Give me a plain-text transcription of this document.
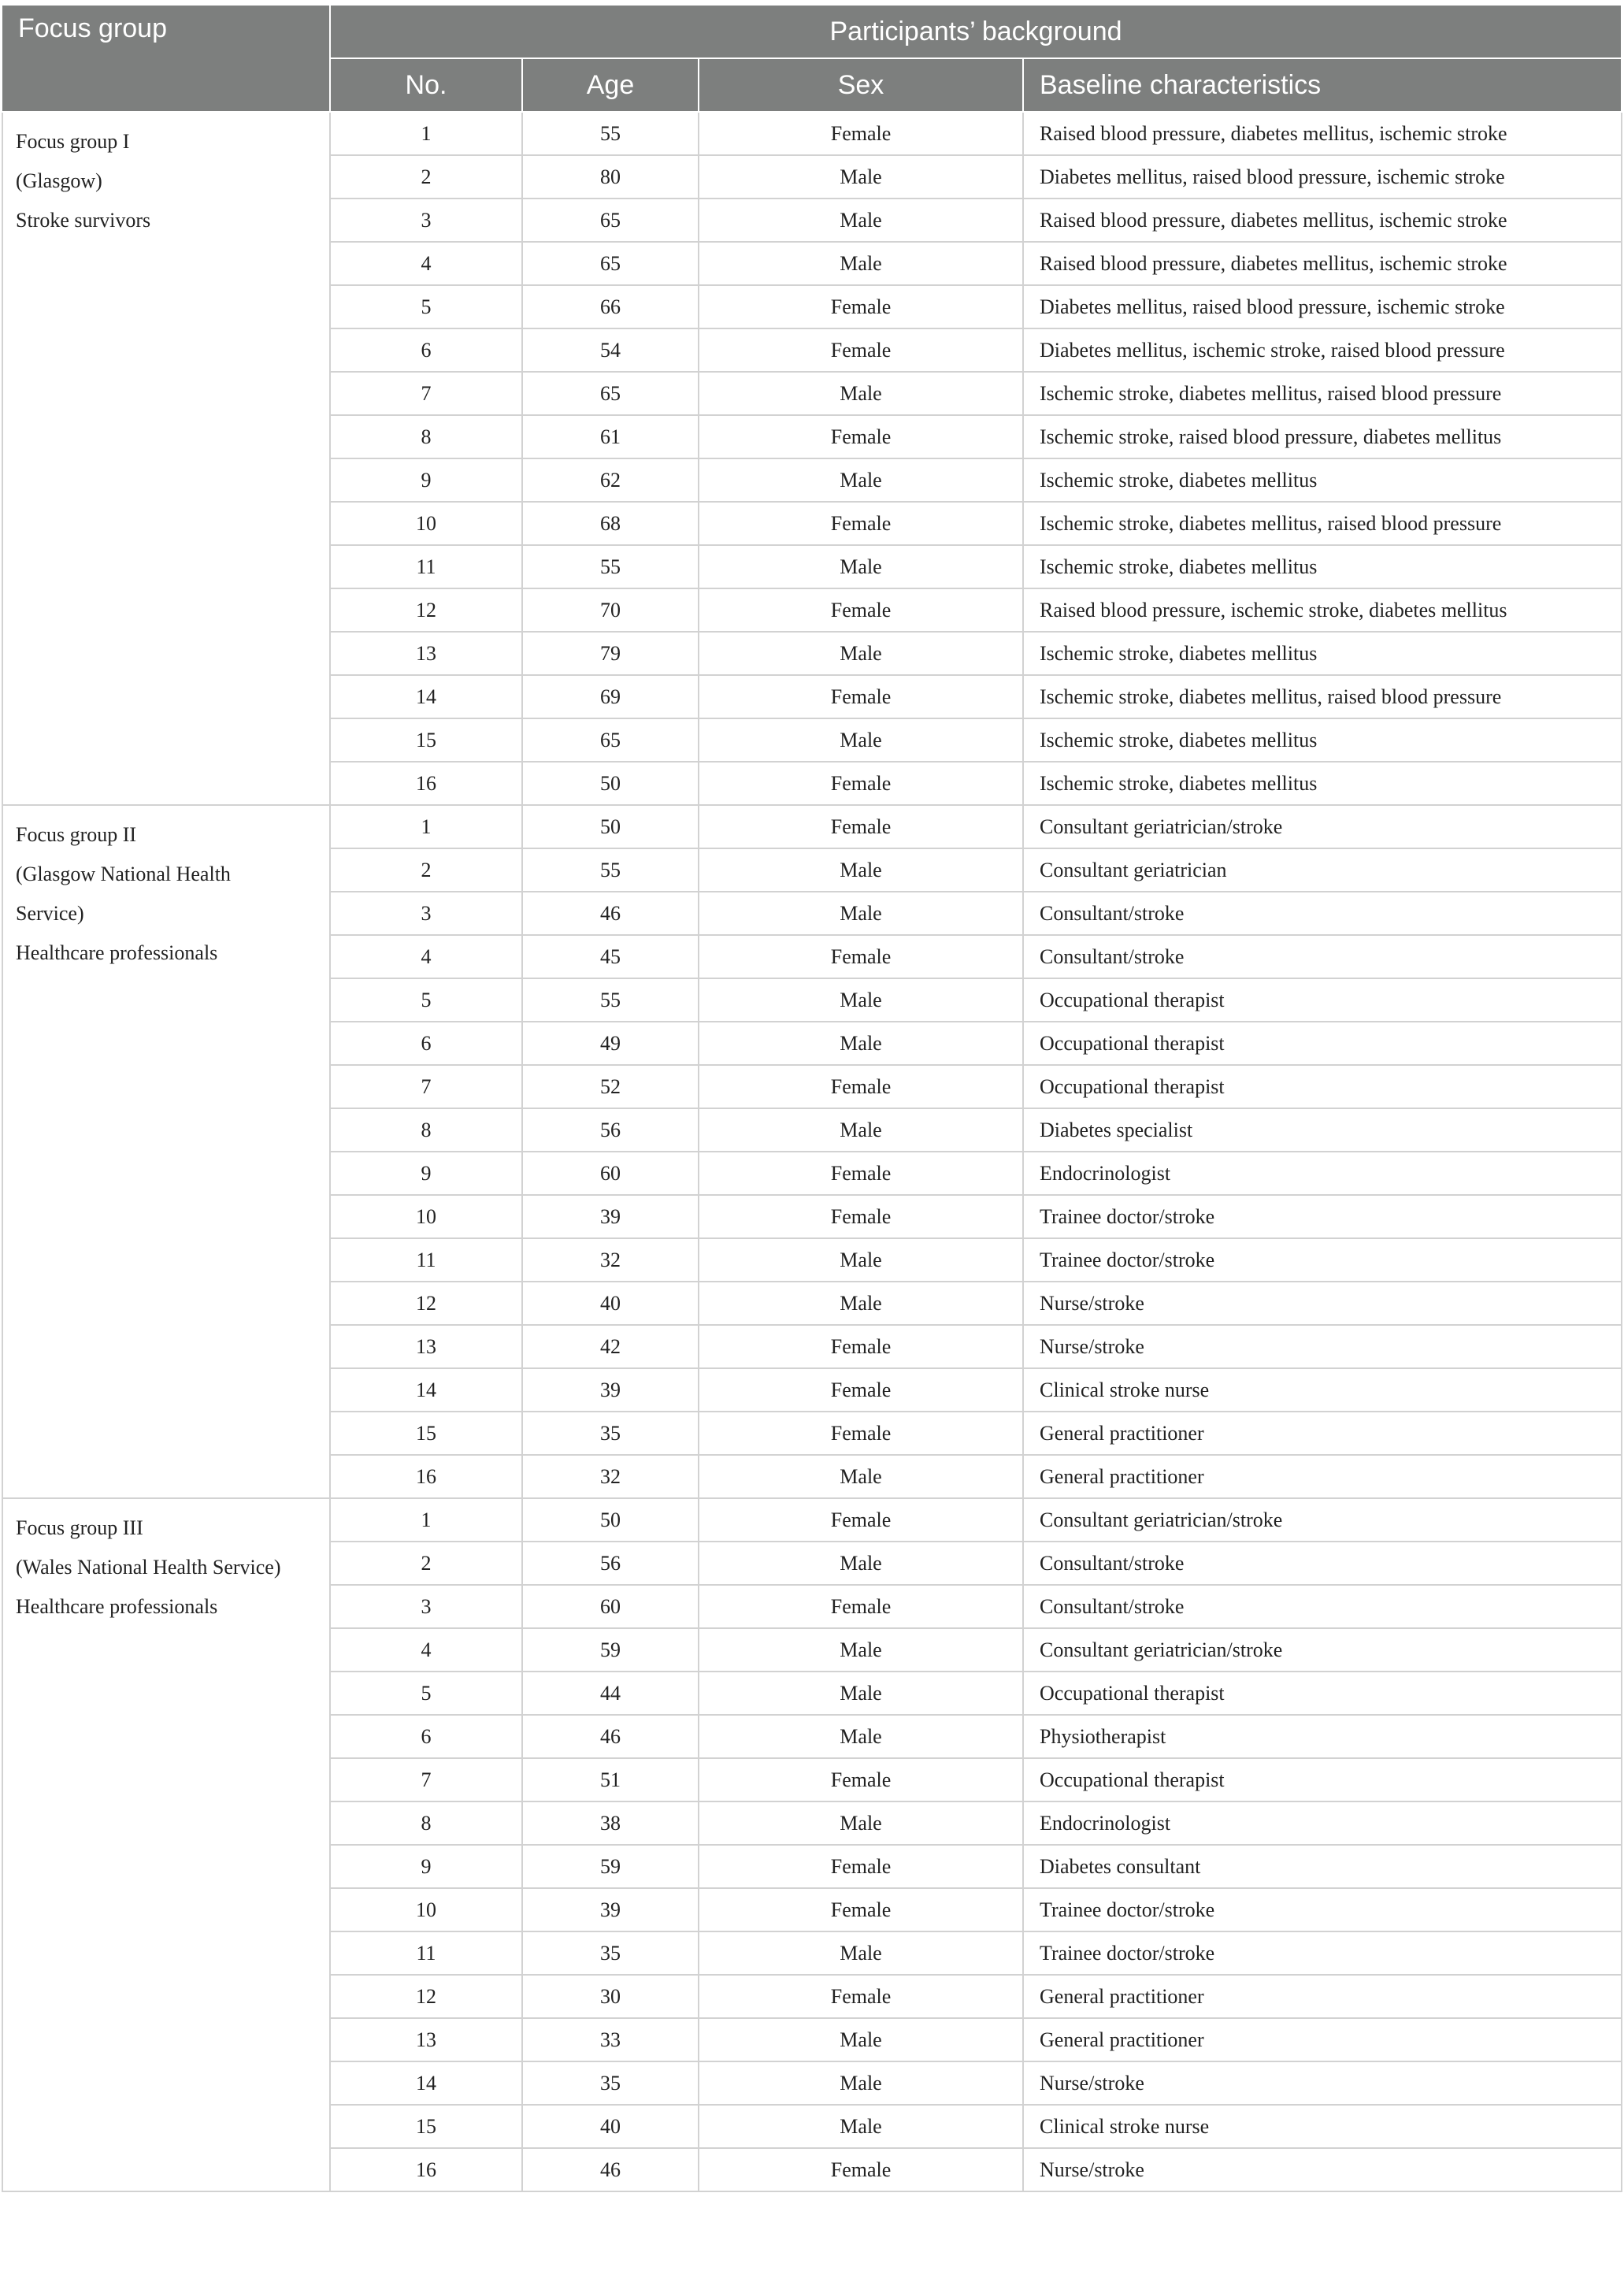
Focus group	Participants’ background			
	No.	Age	Sex	Baseline characteristics

Focus group I
(Glasgow)
Stroke survivors	1	55	Female	Raised blood pressure, diabetes mellitus, ischemic stroke
	2	80	Male	Diabetes mellitus, raised blood pressure, ischemic stroke
	3	65	Male	Raised blood pressure, diabetes mellitus, ischemic stroke
	4	65	Male	Raised blood pressure, diabetes mellitus, ischemic stroke
	5	66	Female	Diabetes mellitus, raised blood pressure, ischemic stroke
	6	54	Female	Diabetes mellitus, ischemic stroke, raised blood pressure
	7	65	Male	Ischemic stroke, diabetes mellitus, raised blood pressure
	8	61	Female	Ischemic stroke, raised blood pressure, diabetes mellitus
	9	62	Male	Ischemic stroke, diabetes mellitus
	10	68	Female	Ischemic stroke, diabetes mellitus, raised blood pressure
	11	55	Male	Ischemic stroke, diabetes mellitus
	12	70	Female	Raised blood pressure, ischemic stroke, diabetes mellitus
	13	79	Male	Ischemic stroke, diabetes mellitus
	14	69	Female	Ischemic stroke, diabetes mellitus, raised blood pressure
	15	65	Male	Ischemic stroke, diabetes mellitus
	16	50	Female	Ischemic stroke, diabetes mellitus

Focus group II
(Glasgow National Health
Service)
Healthcare professionals	1	50	Female	Consultant geriatrician/stroke
	2	55	Male	Consultant geriatrician
	3	46	Male	Consultant/stroke
	4	45	Female	Consultant/stroke
	5	55	Male	Occupational therapist
	6	49	Male	Occupational therapist
	7	52	Female	Occupational therapist
	8	56	Male	Diabetes specialist
	9	60	Female	Endocrinologist
	10	39	Female	Trainee doctor/stroke
	11	32	Male	Trainee doctor/stroke
	12	40	Male	Nurse/stroke
	13	42	Female	Nurse/stroke
	14	39	Female	Clinical stroke nurse
	15	35	Female	General practitioner
	16	32	Male	General practitioner

Focus group III
(Wales National Health Service)
Healthcare professionals	1	50	Female	Consultant geriatrician/stroke
	2	56	Male	Consultant/stroke
	3	60	Female	Consultant/stroke
	4	59	Male	Consultant geriatrician/stroke
	5	44	Male	Occupational therapist
	6	46	Male	Physiotherapist
	7	51	Female	Occupational therapist
	8	38	Male	Endocrinologist
	9	59	Female	Diabetes consultant
	10	39	Female	Trainee doctor/stroke
	11	35	Male	Trainee doctor/stroke
	12	30	Female	General practitioner
	13	33	Male	General practitioner
	14	35	Male	Nurse/stroke
	15	40	Male	Clinical stroke nurse
	16	46	Female	Nurse/stroke
